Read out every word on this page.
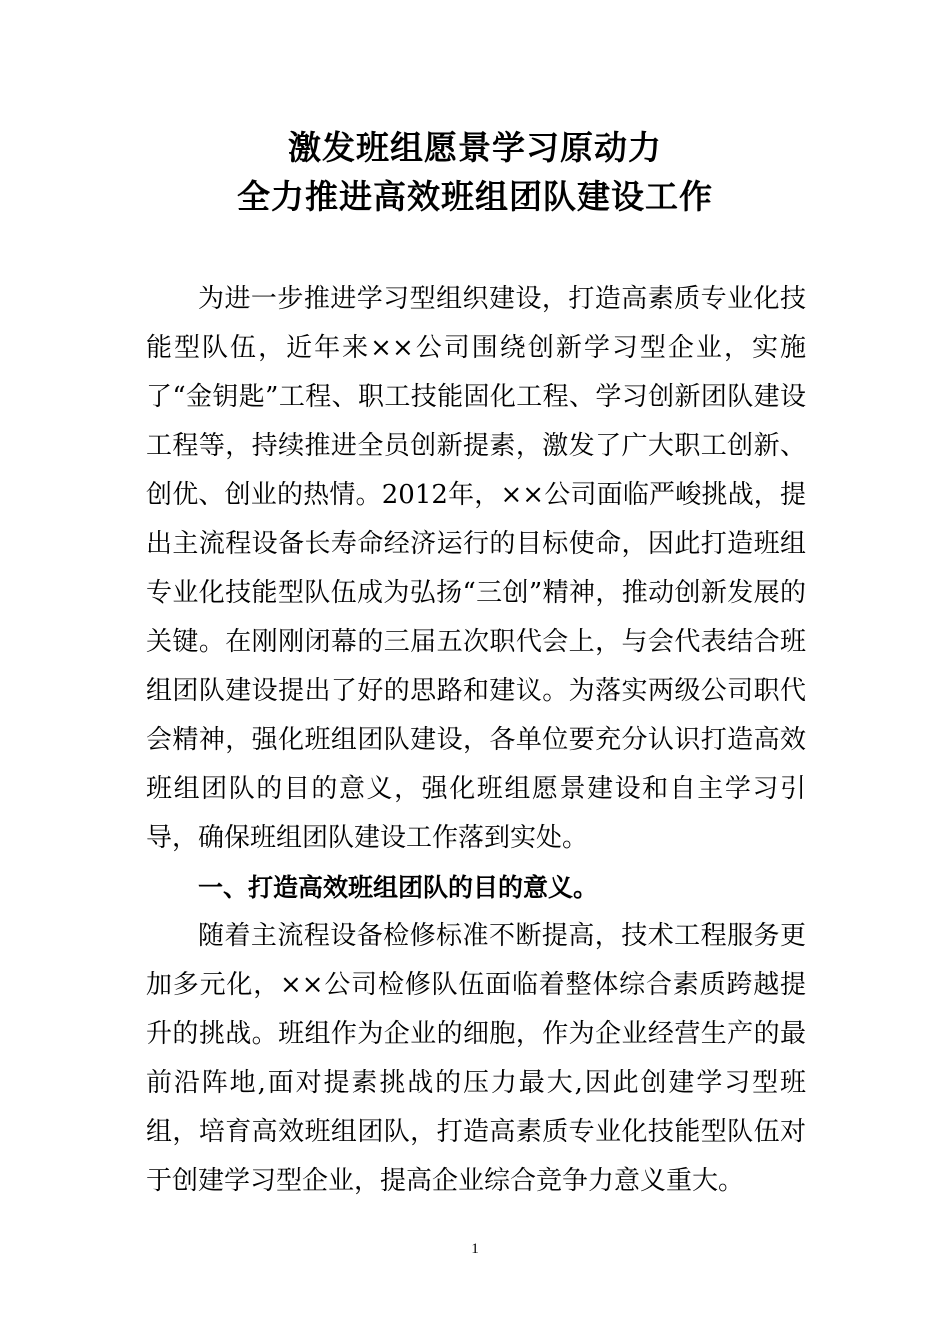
激发班组愿景学习原动力
全力推进高效班组团队建设工作

为进一步推进学习型组织建设，打造高素质专业化技能型队伍，近年来××公司围绕创新学习型企业，实施了“金钥匙”工程、职工技能固化工程、学习创新团队建设工程等，持续推进全员创新提素，激发了广大职工创新、创优、创业的热情。2012年，××公司面临严峻挑战，提出主流程设备长寿命经济运行的目标使命，因此打造班组专业化技能型队伍成为弘扬“三创”精神，推动创新发展的关键。在刚刚闭幕的三届五次职代会上，与会代表结合班组团队建设提出了好的思路和建议。为落实两级公司职代会精神，强化班组团队建设，各单位要充分认识打造高效班组团队的目的意义，强化班组愿景建设和自主学习引导，确保班组团队建设工作落到实处。

一、打造高效班组团队的目的意义。

随着主流程设备检修标准不断提高，技术工程服务更加多元化，××公司检修队伍面临着整体综合素质跨越提升的挑战。班组作为企业的细胞，作为企业经营生产的最前沿阵地,面对提素挑战的压力最大,因此创建学习型班组，培育高效班组团队，打造高素质专业化技能型队伍对于创建学习型企业，提高企业综合竞争力意义重大。

1
